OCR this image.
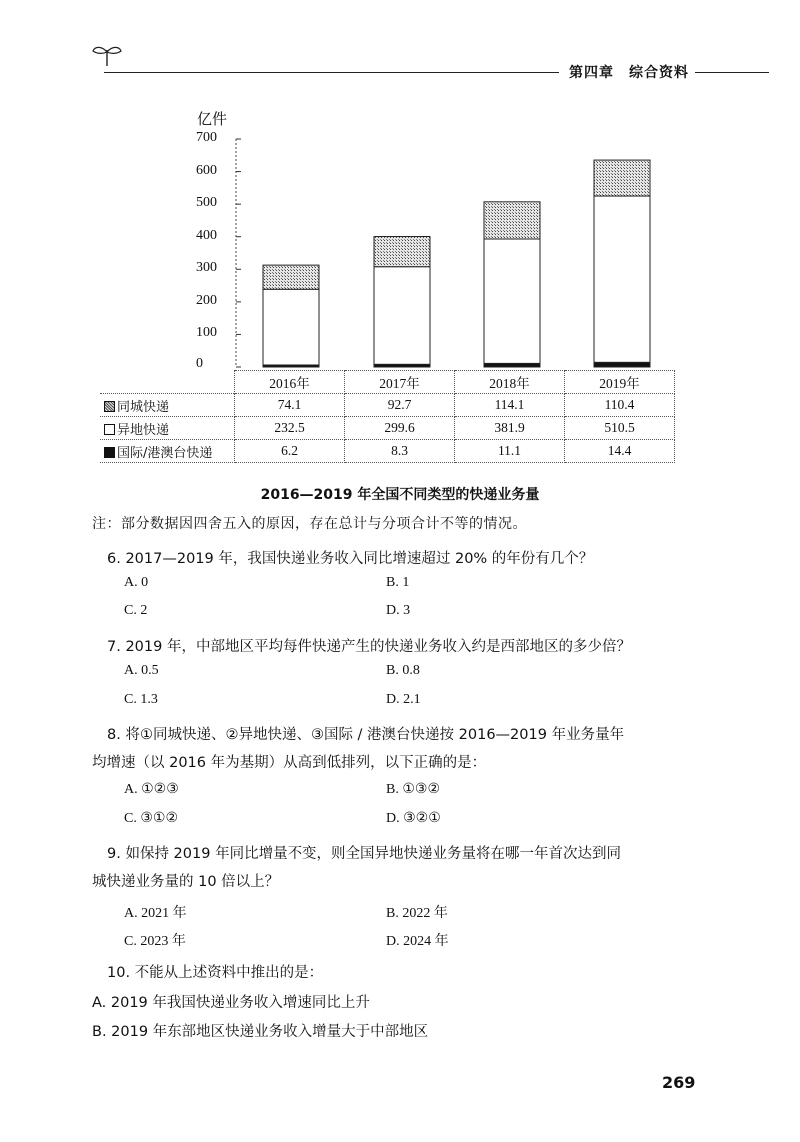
第四章　综合资料
亿件
700
600
500
400
300
200
100
0
	2016年	2017年	2018年	2019年
同城快递	74.1	92.7	114.1	110.4
异地快递	232.5	299.6	381.9	510.5
国际/港澳台快递	6.2	8.3	11.1	14.4
2016—2019 年全国不同类型的快递业务量
注：部分数据因四舍五入的原因，存在总计与分项合计不等的情况。
6. 2017—2019 年，我国快递业务收入同比增速超过 20% 的年份有几个？
A. 0	B. 1
C. 2	D. 3
7. 2019 年，中部地区平均每件快递产生的快递业务收入约是西部地区的多少倍？
A. 0.5	B. 0.8
C. 1.3	D. 2.1
8. 将①同城快递、②异地快递、③国际 / 港澳台快递按 2016—2019 年业务量年
均增速（以 2016 年为基期）从高到低排列，以下正确的是：
A. ①②③	B. ①③②
C. ③①②	D. ③②①
9. 如保持 2019 年同比增量不变，则全国异地快递业务量将在哪一年首次达到同
城快递业务量的 10 倍以上？
A. 2021 年	B. 2022 年
C. 2023 年	D. 2024 年
10. 不能从上述资料中推出的是：
A. 2019 年我国快递业务收入增速同比上升
B. 2019 年东部地区快递业务收入增量大于中部地区
269
